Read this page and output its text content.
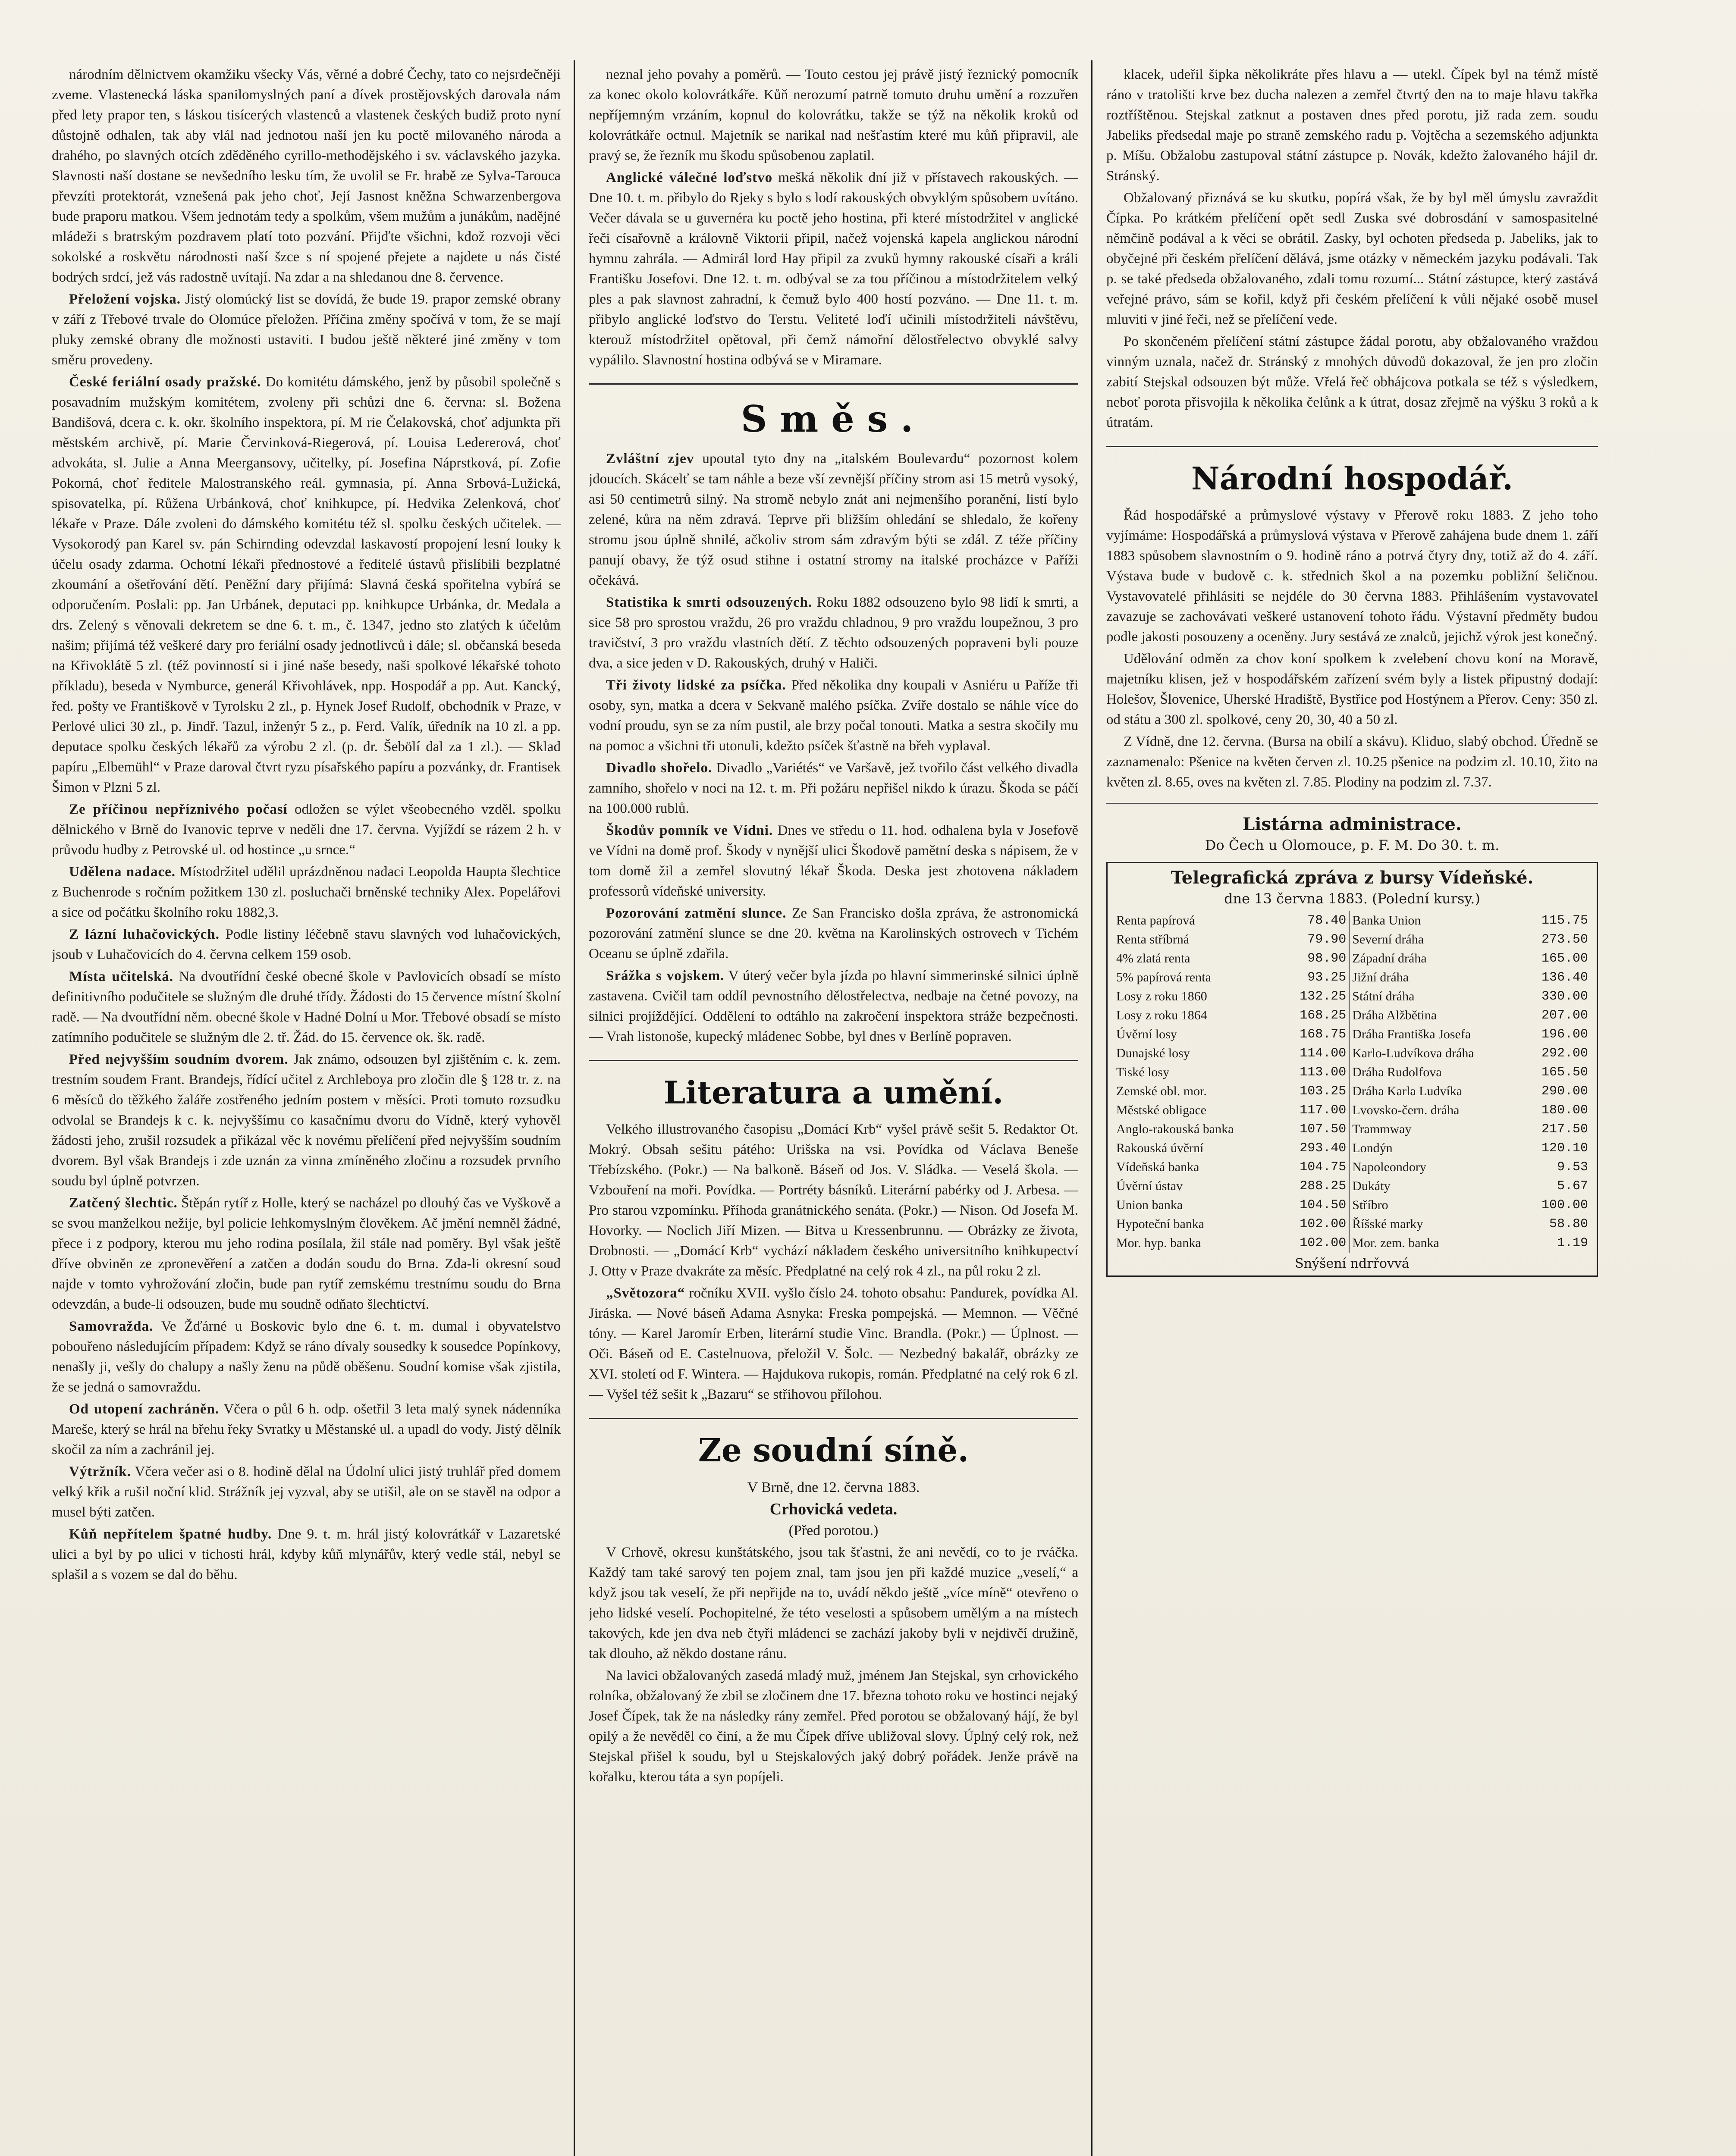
národním dělnictvem okamžiku všecky Vás, věrné a dobré Čechy, tato co nejsrdečněji zveme. Vlastenecká láska spanilomyslných paní a dívek prostějovských darovala nám před lety prapor ten, s láskou tisícerých vlastenců a vlastenek českých budiž proto nyní důstojně odhalen, tak aby vlál nad jednotou naší jen ku poctě milovaného národa a drahého, po slavných otcích zděděného cyrillo-methodějského i sv. václavského jazyka. Slavnosti naší dostane se nevšedního lesku tím, že uvolil se Fr. hrabě ze Sylva-Tarouca převzíti protektorát, vznešená pak jeho choť, Její Jasnost kněžna Schwarzenbergova bude praporu matkou. Všem jednotám tedy a spolkům, všem mužům a junákům, nadějné mládeži s bratrským pozdravem platí toto pozvání. Přijďte všichni, kdož rozvoji věci sokolské a roskvětu národnosti naší šzce s ní spojené přejete a najdete u nás čisté bodrých srdcí, jež vás radostně uvítají. Na zdar a na shledanou dne 8. července.

Přeložení vojska. Jistý olomúcký list se dovídá, že bude 19. prapor zemské obrany v září z Třebové trvale do Olomúce přeložen. Příčina změny spočívá v tom, že se mají pluky zemské obrany dle možnosti ustaviti. I budou ještě některé jiné změny v tom směru provedeny.

České feriální osady pražské. Do komitétu dámského, jenž by působil společně s posavadním mužským komitétem, zvoleny při schůzi dne 6. června: sl. Božena Bandišová, dcera c. k. okr. školního inspektora, pí. M rie Čelakovská, choť adjunkta při městském archivě, pí. Marie Červinková-Riegerová, pí. Louisa Ledererová, choť advokáta, sl. Julie a Anna Meergansovy, učitelky, pí. Josefina Náprstková, pí. Zofie Pokorná, choť ředitele Malostranského reál. gymnasia, pí. Anna Srbová-Lužická, spisovatelka, pí. Růžena Urbánková, choť knihkupce, pí. Hedvika Zelenková, choť lékaře v Praze. Dále zvoleni do dámského komitétu též sl. spolku českých učitelek. — Vysokorodý pan Karel sv. pán Schirnding odevzdal laskavostí propojení lesní louky k účelu osady zdarma. Ochotní lékaři přednostové a ředitelé ústavů přislíbili bezplatné zkoumání a ošetřování dětí. Peněžní dary přijímá: Slavná česká spořitelna vybírá se odporučením. Poslali: pp. Jan Urbánek, deputaci pp. knihkupce Urbánka, dr. Medala a drs. Zelený s věnovali dekretem se dne 6. t. m., č. 1347, jedno sto zlatých k účelům našim; přijímá též veškeré dary pro feriální osady jednotlivců i dále; sl. občanská beseda na Křivoklátě 5 zl. (též povinností si i jiné naše besedy, naši spolkové lékařské tohoto příkladu), beseda v Nymburce, generál Křivohlávek, npp. Hospodář a pp. Aut. Kancký, řed. pošty ve Františkově v Tyrolsku 2 zl., p. Hynek Josef Rudolf, obchodník v Praze, v Perlové ulici 30 zl., p. Jindř. Tazul, inženýr 5 z., p. Ferd. Valík, úředník na 10 zl. a pp. deputace spolku českých lékařů za výrobu 2 zl. (p. dr. Šebölí dal za 1 zl.). — Sklad papíru „Elbemühl“ v Praze daroval čtvrt ryzu písařského papíru a pozvánky, dr. Frantisek Šimon v Plzni 5 zl.

Ze příčinou nepříznivého počasí odložen se výlet všeobecného vzděl. spolku dělnického v Brně do Ivanovic teprve v neděli dne 17. června. Vyjíždí se rázem 2 h. v průvodu hudby z Petrovské ul. od hostince „u srnce.“

Udělena nadace. Místodržitel udělil uprázdněnou nadaci Leopolda Haupta šlechtice z Buchenrode s ročním požitkem 130 zl. posluchači brněnské techniky Alex. Popelářovi a sice od počátku školního roku 1882,3.

Z lázní luhačovických. Podle listiny léčebně stavu slavných vod luhačovických, jsoub v Luhačovicích do 4. června celkem 159 osob.

Místa učitelská. Na dvoutřídní české obecné škole v Pavlovicích obsadí se místo definitivního podučitele se služným dle druhé třídy. Žádosti do 15 července místní školní radě. — Na dvoutřídní něm. obecné škole v Hadné Dolní u Mor. Třebové obsadí se místo zatímního podučitele se služným dle 2. tř. Žád. do 15. července ok. šk. radě.

Před nejvyšším soudním dvorem. Jak známo, odsouzen byl zjištěním c. k. zem. trestním soudem Frant. Brandejs, řídící učitel z Archleboya pro zločin dle § 128 tr. z. na 6 měsíců do těžkého žaláře zostřeného jedním postem v měsíci. Proti tomuto rozsudku odvolal se Brandejs k c. k. nejvyššímu co kasačnímu dvoru do Vídně, který vyhověl žádosti jeho, zrušil rozsudek a přikázal věc k novému přelíčení před nejvyšším soudním dvorem. Byl však Brandejs i zde uznán za vinna zmíněného zločinu a rozsudek prvního soudu byl úplně potvrzen.

Zatčený šlechtic. Štěpán rytíř z Holle, který se nacházel po dlouhý čas ve Vyškově a se svou manželkou nežije, byl policie lehkomyslným člověkem. Ač jmění nemněl žádné, přece i z podpory, kterou mu jeho rodina posílala, žil stále nad poměry. Byl však ještě dříve obviněn ze zpronevěření a zatčen a dodán soudu do Brna. Zda-li okresní soud najde v tomto vyhrožování zločin, bude pan rytíř zemskému trestnímu soudu do Brna odevzdán, a bude-li odsouzen, bude mu soudně odňato šlechtictví.

Samovražda. Ve Žďárné u Boskovic bylo dne 6. t. m. dumal i obyvatelstvo pobouřeno následujícím případem: Když se ráno dívaly sousedky k sousedce Popínkovy, nenašly ji, vešly do chalupy a našly ženu na půdě oběšenu. Soudní komise však zjistila, že se jedná o samovraždu.

Od utopení zachráněn. Včera o půl 6 h. odp. ošetřil 3 leta malý synek nádenníka Mareše, který se hrál na břehu řeky Svratky u Městanské ul. a upadl do vody. Jistý dělník skočil za ním a zachránil jej.

Výtržník. Včera večer asi o 8. hodině dělal na Údolní ulici jistý truhlář před domem velký křik a rušil noční klid. Strážník jej vyzval, aby se utišil, ale on se stavěl na odpor a musel býti zatčen.

Kůň nepřítelem špatné hudby. Dne 9. t. m. hrál jistý kolovrátkář v Lazaretské ulici a byl by po ulici v tichosti hrál, kdyby kůň mlynářův, který vedle stál, nebyl se splašil a s vozem se dal do běhu.

neznal jeho povahy a poměrů. — Touto cestou jej právě jistý řeznický pomocník za konec okolo kolovrátkáře. Kůň nerozumí patrně tomuto druhu umění a rozzuřen nepříjemným vrzáním, kopnul do kolovrátku, takže se týž na několik kroků od kolovrátkáře octnul. Majetník se narikal nad nešťastím které mu kůň připravil, ale pravý se, že řezník mu škodu spůsobenou zaplatil.

Anglické válečné loďstvo mešká několik dní již v přístavech rakouských. — Dne 10. t. m. přibylo do Rjeky s bylo s lodí rakouských obvyklým spůsobem uvítáno. Večer dávala se u guvernéra ku poctě jeho hostina, při které místodržitel v anglické řeči císařovně a královně Viktorii připil, načež vojenská kapela anglickou národní hymnu zahrála. — Admirál lord Hay připil za zvuků hymny rakouské císaři a králi Františku Josefovi. Dne 12. t. m. odbýval se za tou příčinou a místodržitelem velký ples a pak slavnost zahradní, k čemuž bylo 400 hostí pozváno. — Dne 11. t. m. přibylo anglické loďstvo do Terstu. Veliteté loďí učinili místodržiteli návštěvu, kterouž místodržitel opětoval, při čemž námořní dělostřelectvo obvyklé salvy vypálilo. Slavnostní hostina odbývá se v Miramare.

Směs.

Zvláštní zjev upoutal tyto dny na „italském Boulevardu“ pozornost kolem jdoucích. Skácelť se tam náhle a beze vší zevnější příčiny strom asi 15 metrů vysoký, asi 50 centimetrů silný. Na stromě nebylo znát ani nejmenšího poranění, listí bylo zelené, kůra na něm zdravá. Teprve při bližším ohledání se shledalo, že kořeny stromu jsou úplně shnilé, ačkoliv strom sám zdravým býti se zdál. Z téže příčiny panují obavy, že týž osud stihne i ostatní stromy na italské procházce v Paříži očekává.

Statistika k smrti odsouzených. Roku 1882 odsouzeno bylo 98 lidí k smrti, a sice 58 pro sprostou vraždu, 26 pro vraždu chladnou, 9 pro vraždu loupežnou, 3 pro travičství, 3 pro vraždu vlastních dětí. Z těchto odsouzených popraveni byli pouze dva, a sice jeden v D. Rakouských, druhý v Haliči.

Tři životy lidské za psíčka. Před několika dny koupali v Asniéru u Paříže tři osoby, syn, matka a dcera v Sekvaně malého psíčka. Zvíře dostalo se náhle více do vodní proudu, syn se za ním pustil, ale brzy počal tonouti. Matka a sestra skočily mu na pomoc a všichni tři utonuli, kdežto psíček šťastně na břeh vyplaval.

Divadlo shořelo. Divadlo „Variétés“ ve Varšavě, jež tvořilo část velkého divadla zamního, shořelo v noci na 12. t. m. Při požáru nepřišel nikdo k úrazu. Škoda se páčí na 100.000 rublů.

Škodův pomník ve Vídni. Dnes ve středu o 11. hod. odhalena byla v Josefově ve Vídni na domě prof. Škody v nynější ulici Škodově pamětní deska s nápisem, že v tom domě žil a zemřel slovutný lékař Škoda. Deska jest zhotovena nákladem professorů vídeňské university.

Pozorování zatmění slunce. Ze San Francisko došla zpráva, že astronomická pozorování zatmění slunce se dne 20. května na Karolinských ostrovech v Tichém Oceanu se úplně zdařila.

Srážka s vojskem. V úterý večer byla jízda po hlavní simmerinské silnici úplně zastavena. Cvičil tam oddíl pevnostního dělostřelectva, nedbaje na četné povozy, na silnici projíždějící. Oddělení to odtáhlo na zakročení inspektora stráže bezpečnosti. — Vrah listonoše, kupecký mládenec Sobbe, byl dnes v Berlíně popraven.

Literatura a umění.

Velkého illustrovaného časopisu „Domácí Krb“ vyšel právě sešit 5. Redaktor Ot. Mokrý. Obsah sešitu pátého: Urišska na vsi. Povídka od Václava Beneše Třebízského. (Pokr.) — Na balkoně. Báseň od Jos. V. Sládka. — Veselá škola. — Vzbouření na moři. Povídka. — Portréty básníků. Literární pabérky od J. Arbesa. — Pro starou vzpomínku. Příhoda granátnického senáta. (Pokr.) — Nison. Od Josefa M. Hovorky. — Noclich Jiří Mizen. — Bitva u Kressenbrunnu. — Obrázky ze života, Drobnosti. — „Domácí Krb“ vychází nákladem českého universitního knihkupectví J. Otty v Praze dvakráte za měsíc. Předplatné na celý rok 4 zl., na půl roku 2 zl.

„Světozora“ ročníku XVII. vyšlo číslo 24. tohoto obsahu: Pandurek, povídka Al. Jiráska. — Nové báseň Adama Asnyka: Freska pompejská. — Memnon. — Věčné tóny. — Karel Jaromír Erben, literární studie Vinc. Brandla. (Pokr.) — Úplnost. — Oči. Báseň od E. Castelnuova, přeložil V. Šolc. — Nezbedný bakalář, obrázky ze XVI. století od F. Wintera. — Hajdukova rukopis, román. Předplatné na celý rok 6 zl. — Vyšel též sešit k „Bazaru“ se střihovou přílohou.

Ze soudní síně.
V Brně, dne 12. června 1883.
Crhovická vedeta.
(Před porotou.)

V Crhově, okresu kunštátského, jsou tak šťastni, že ani nevědí, co to je rváčka. Každý tam také sarový ten pojem znal, tam jsou jen při každé muzice „veselí,“ a když jsou tak veselí, že při nepřijde na to, uvádí někdo ještě „více míně“ otevřeno o jeho lidské veselí. Pochopitelné, že této veselosti a spůsobem umělým a na místech takových, kde jen dva neb čtyři mládenci se zachází jakoby byli v nejdivčí družině, tak dlouho, až někdo dostane ránu.

Na lavici obžalovaných zasedá mladý muž, jménem Jan Stejskal, syn crhovického rolníka, obžalovaný že zbil se zločinem dne 17. března tohoto roku ve hostinci nejaký Josef Čípek, tak že na následky rány zemřel. Před porotou se obžalovaný hájí, že byl opilý a že nevěděl co činí, a že mu Čípek dříve ubližoval slovy. Úplný celý rok, než Stejskal přišel k soudu, byl u Stejskalových jaký dobrý pořádek. Jenže právě na kořalku, kterou táta a syn popíjeli.

klacek, udeřil šipka několikráte přes hlavu a — utekl. Čípek byl na témž místě ráno v tratolišti krve bez ducha nalezen a zemřel čtvrtý den na to maje hlavu takřka roztříštěnou. Stejskal zatknut a postaven dnes před porotu, již rada zem. soudu Jabeliks předsedal maje po straně zemského radu p. Vojtěcha a sezemského adjunkta p. Míšu. Obžalobu zastupoval státní zástupce p. Novák, kdežto žalovaného hájil dr. Stránský.

Obžalovaný přiznává se ku skutku, popírá však, že by byl měl úmyslu zavraždit Čípka. Po krátkém přelíčení opět sedl Zuska své dobrosdání v samospasitelné němčině podával a k věci se obrátil. Zasky, byl ochoten předseda p. Jabeliks, jak to obyčejné při českém přelíčení dělává, jsme otázky v německém jazyku podávali. Tak p. se také předseda obžalovaného, zdali tomu rozumí... Státní zástupce, který zastává veřejné právo, sám se kořil, když při českém přelíčení k vůli nějaké osobě musel mluviti v jiné řeči, než se přelíčení vede.

Po skončeném přelíčení státní zástupce žádal porotu, aby obžalovaného vraždou vinným uznala, načež dr. Stránský z mnohých důvodů dokazoval, že jen pro zločin zabití Stejskal odsouzen být může. Vřelá řeč obhájcova potkala se též s výsledkem, neboť porota přisvojila k několika čelůnk a k útrat, dosaz zřejmě na výšku 3 roků a k útratám.

Národní hospodář.

Řád hospodářské a průmyslové výstavy v Přerově roku 1883. Z jeho toho vyjímáme: Hospodářská a průmyslová výstava v Přerově zahájena bude dnem 1. září 1883 spůsobem slavnostním o 9. hodině ráno a potrvá čtyry dny, totiž až do 4. září. Výstava bude v budově c. k. střednich škol a na pozemku pobližní šeličnou. Vystavovatelé přihlásiti se nejdéle do 30 června 1883. Přihlášením vystavovatel zavazuje se zachovávati veškeré ustanovení tohoto řádu. Výstavní předměty budou podle jakosti posouzeny a oceněny. Jury sestává ze znalců, jejichž výrok jest konečný.

Udělování odměn za chov koní spolkem k zvelebení chovu koní na Moravě, majetníku klisen, jež v hospodářském zařízení svém byly a listek připustný dodají: Holešov, Šlovenice, Uherské Hradiště, Bystřice pod Hostýnem a Přerov. Ceny: 350 zl. od státu a 300 zl. spolkové, ceny 20, 30, 40 a 50 zl.

Z Vídně, dne 12. června. (Bursa na obilí a skávu). Kliduo, slabý obchod. Úředně se zaznamenalo: Pšenice na květen červen zl. 10.25 pšenice na podzim zl. 10.10, žito na květen zl. 8.65, oves na květen zl. 7.85. Plodiny na podzim zl. 7.37.

Listárna administrace.
Do Čech u Olomouce, p. F. M. Do 30. t. m.
Telegrafická zpráva z bursy Vídeňské.
dne 13 června 1883. (Polední kursy.)
Renta papírová	78.40	Banka Union	115.75
Renta stříbrná	79.90	Severní dráha	273.50
4% zlatá renta	98.90	Západní dráha	165.00
5% papírová renta	93.25	Jižní dráha	136.40
Losy z roku 1860	132.25	Státní dráha	330.00
Losy z roku 1864	168.25	Dráha Alžbětina	207.00
Úvěrní losy	168.75	Dráha Františka Josefa	196.00
Dunajské losy	114.00	Karlo-Ludvíkova dráha	292.00
Tiské losy	113.00	Dráha Rudolfova	165.50
Zemské obl. mor.	103.25	Dráha Karla Ludvíka	290.00
Městské obligace	117.00	Lvovsko-čern. dráha	180.00
Anglo-rakouská banka	107.50	Trammway	217.50
Rakouská úvěrní	293.40	Londýn	120.10
Vídeňská banka	104.75	Napoleondory	9.53
Úvěrní ústav	288.25	Dukáty	5.67
Union banka	104.50	Stříbro	100.00
Hypoteční banka	102.00	Říšské marky	58.80
Mor. hyp. banka	102.00	Mor. zem. banka	1.19
Snýšení ndrřovvá
